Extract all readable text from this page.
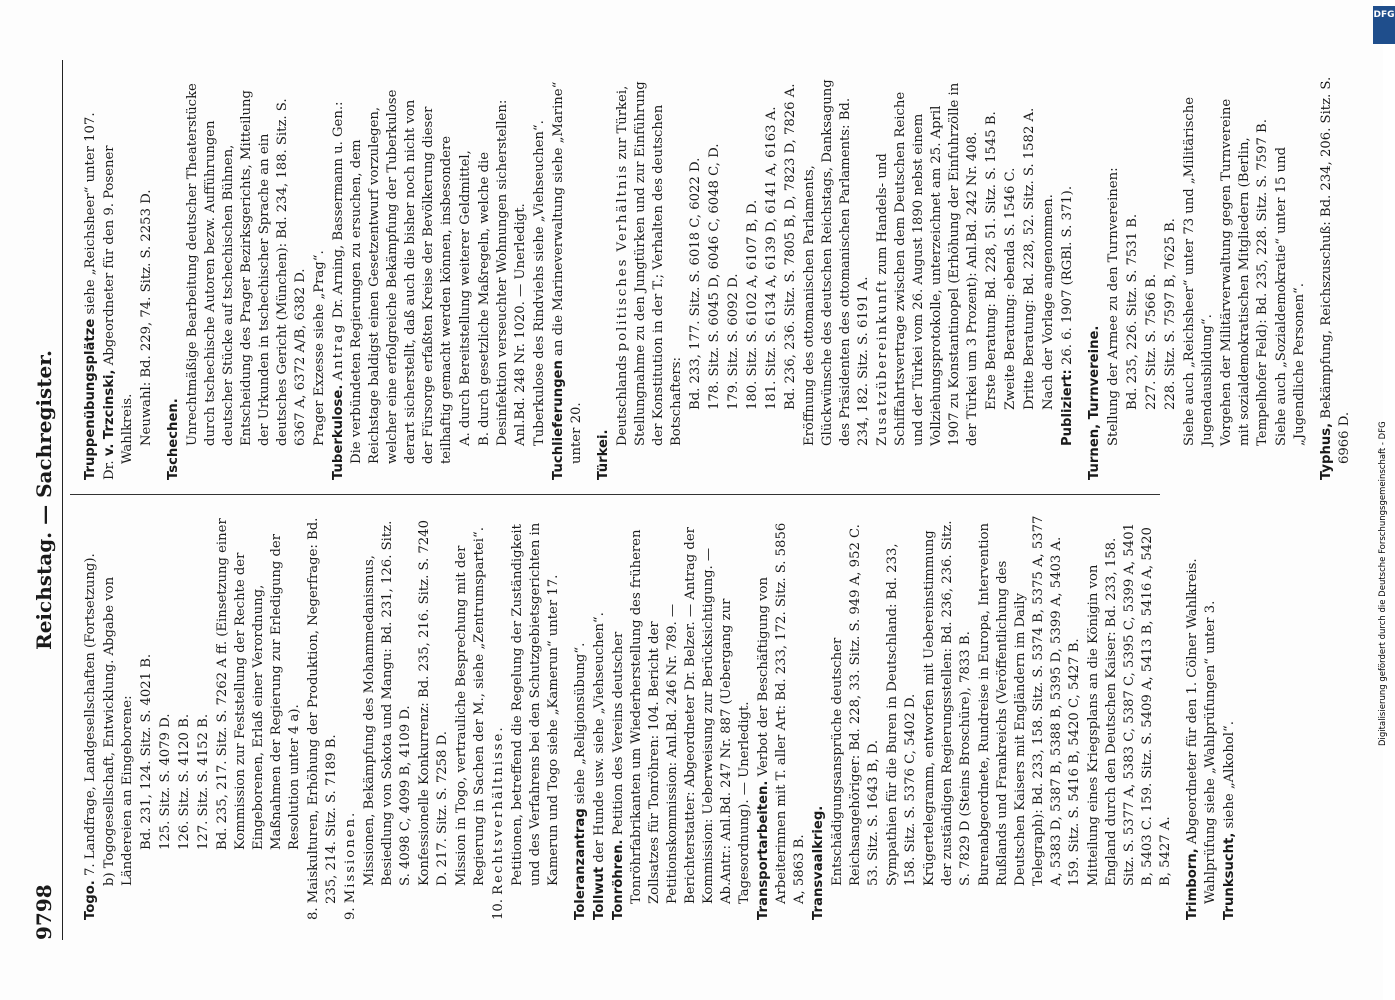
9798
Reichstag. — Sachregister.
Togo. 7. Landfrage, Landgesellschaften (Fortsetzung). b) Togogesellschaft, Entwicklung. Abgabe von Ländereien an Eingeborene: Bd. 231, 124. Sitz. S. 4021 B. 125. Sitz. S. 4079 D. 126. Sitz. S. 4120 B. 127. Sitz. S. 4152 B. Bd. 235, 217. Sitz. S. 7262 A ff. (Einsetzung einer Kommission zur Feststellung der Rechte der Eingeborenen, Erlaß einer Verordnung, Maßnahmen der Regierung zur Erledigung der Resolution unter 4 a). 8. Maiskulturen, Erhöhung der Produktion, Negerfrage: Bd. 235, 214. Sitz. S. 7189 B.
9. Missionen. Missionen, Bekämpfung des Mohammedanismus, Besiedlung von Sokota und Mangu: Bd. 231, 126. Sitz. S. 4098 C, 4099 B, 4109 D. Konfessionelle Konkurrenz: Bd. 235, 216. Sitz. S. 7240 D. 217. Sitz. S. 7258 D. Mission in Togo, vertrauliche Besprechung mit der Regierung in Sachen der M., siehe „Zentrumspartei“.
10. Rechtsverhältnisse. Petitionen, betreffend die Regelung der Zuständigkeit und des Verfahrens bei den Schutzgebietsgerichten in Kamerun und Togo siehe „Kamerun“ unter 17. Toleranzantrag siehe „Religionsübung“.
Tollwut der Hunde usw. siehe „Viehseuchen“.
Tonröhren. Petition des Vereins deutscher Tonröhrfabrikanten um Wiederherstellung des früheren Zollsatzes für Tonröhren: 104. Bericht der Petitionskommission: Anl.Bd. 246 Nr. 789. — Berichterstatter: Abgeordneter Dr. Belzer. — Antrag der Kommission: Ueberweisung zur Berücksichtigung. — Ab.Antr.: Anl.Bd. 247 Nr. 887 (Uebergang zur Tagesordnung). — Unerledigt. Transportarbeiten. Verbot der Beschäftigung von Arbeiterinnen mit T. aller Art: Bd. 233, 172. Sitz. S. 5856 A, 5863 B. Transvaalkrieg. Entschädigungsansprüche deutscher Reichsangehöriger: Bd. 228, 33. Sitz. S. 949 A, 952 C. 53. Sitz. S. 1643 B, D. Sympathien für die Buren in Deutschland: Bd. 233, 158. Sitz. S. 5376 C, 5402 D. Krügertelegramm, entworfen mit Uebereinstimmung der zuständigen Regierungsstellen: Bd. 236, 236. Sitz. S. 7829 D (Steins Broschüre), 7833 B. Burenabgeordnete, Rundreise in Europa, Intervention Rußlands und Frankreichs (Veröffentlichung des Deutschen Kaisers mit Engländern im Daily Telegraph): Bd. 233, 158. Sitz. S. 5374 B, 5375 A, 5377 A, 5383 D, 5387 B, 5388 B, 5395 D, 5399 A, 5403 A. 159. Sitz. S. 5416 B, 5420 C, 5427 B. Mitteilung eines Kriegsplans an die Königin von England durch den Deutschen Kaiser: Bd. 233, 158. Sitz. S. 5377 A, 5383 C, 5387 C, 5395 C, 5399 A, 5401 B, 5403 C. 159. Sitz. S. 5409 A, 5413 B, 5416 A, 5420 B, 5427 A. Trimborn, Abgeordneter für den 1. Cölner Wahlkreis. Wahlprüfung siehe „Wahlprüfungen“ unter 3. Trunksucht, siehe „Alkohol“.
Truppenübungsplätze siehe „Reichsheer“ unter 107.
Dr. v. Trzcinski, Abgeordneter für den 9. Posener Wahlkreis. Neuwahl: Bd. 229, 74. Sitz. S. 2253 D. Tschechen. Unrechtmäßige Bearbeitung deutscher Theaterstücke durch tschechische Autoren bezw. Aufführungen deutscher Stücke auf tschechischen Bühnen, Entscheidung des Prager Bezirksgerichts, Mitteilung der Urkunden in tschechischer Sprache an ein deutsches Gericht (München): Bd. 234, 188. Sitz. S. 6367 A, 6372 A/B, 6382 D. Prager Exzesse siehe „Prag“. Tuberkulose. Antrag Dr. Arning, Bassermann u. Gen.: Die verbündeten Regierungen zu ersuchen, dem Reichstage baldigst einen Gesetzentwurf vorzulegen, welcher eine erfolgreiche Bekämpfung der Tuberkulose derart sicherstellt, daß auch die bisher noch nicht von der Fürsorge erfaßten Kreise der Bevölkerung dieser teilhaftig gemacht werden können, insbesondere A. durch Bereitstellung weiterer Geldmittel, B. durch gesetzliche Maßregeln, welche die Desinfektion verseuchter Wohnungen sicherstellen: Anl.Bd. 248 Nr. 1020. — Unerledigt. Tuberkulose des Rindviehs siehe „Viehseuchen“. Tuchlieferungen an die Marineverwaltung siehe „Marine“ unter 20. Türkei.
Deutschlands politisches Verhältnis zur Türkei, Stellungnahme zu den Jungtürken und zur Einführung der Konstitution in der T.; Verhalten des deutschen Botschafters: Bd. 233, 177. Sitz. S. 6018 C, 6022 D. 178. Sitz. S. 6045 D, 6046 C, 6048 C, D. 179. Sitz. S. 6092 D. 180. Sitz. S. 6102 A, 6107 B, D. 181. Sitz. S. 6134 A, 6139 D, 6141 A, 6163 A. Bd. 236, 236. Sitz. S. 7805 B, D, 7823 D, 7826 A. Eröffnung des ottomanischen Parlaments, Glückwünsche des deutschen Reichstags, Danksagung des Präsidenten des ottomanischen Parlaments: Bd. 234, 182. Sitz. S. 6191 A. Zusatzübereinkunft zum Handels- und Schiffahrtsvertrage zwischen dem Deutschen Reiche und der Türkei vom 26. August 1890 nebst einem Vollziehungsprotokolle, unterzeichnet am 25. April 1907 zu Konstantinopel (Erhöhung der Einfuhrzölle in der Türkei um 3 Prozent): Anl.Bd. 242 Nr. 408. Erste Beratung: Bd. 228, 51. Sitz. S. 1545 B. Zweite Beratung: ebenda S. 1546 C. Dritte Beratung: Bd. 228, 52. Sitz. S. 1582 A. Nach der Vorlage angenommen. Publiziert: 26. 6. 1907 (RGBl. S. 371).
Turnen, Turnvereine. Stellung der Armee zu den Turnvereinen: Bd. 235, 226. Sitz. S. 7531 B. 227. Sitz. S. 7566 B. 228. Sitz. S. 7597 B, 7625 B. Siehe auch „Reichsheer“ unter 73 und „Militärische Jugendausbildung“. Vorgehen der Militärverwaltung gegen Turnvereine mit sozialdemokratischen Mitgliedern (Berlin, Tempelhofer Feld): Bd. 235, 228. Sitz. S. 7597 B. Siehe auch „Sozialdemokratie“ unter 15 und „Jugendliche Personen“.
Typhus, Bekämpfung, Reichszuschuß: Bd. 234, 206. Sitz. S. 6966 D.
DFG
Digitalisierung gefördert durch die Deutsche Forschungsgemeinschaft - DFG
